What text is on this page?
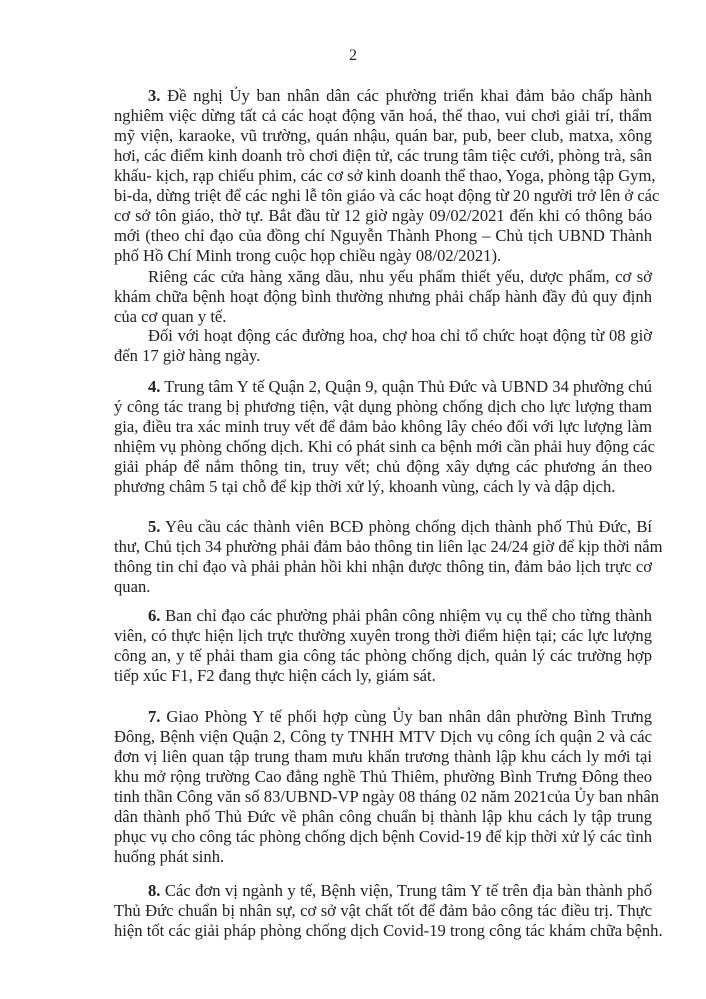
2
3. Đề nghị Ủy ban nhân dân các phường triển khai đảm bảo chấp hành
nghiêm việc dừng tất cả các hoạt động văn hoá, thể thao, vui chơi giải trí, thẩm
mỹ viện, karaoke, vũ trường, quán nhậu, quán bar, pub, beer club, matxa, xông
hơi, các điểm kinh doanh trò chơi điện tử, các trung tâm tiệc cưới, phòng trà, sân
khấu- kịch, rạp chiếu phim, các cơ sở kinh doanh thể thao, Yoga, phòng tập Gym,
bi-da, dừng triệt để các nghi lễ tôn giáo và các hoạt động từ 20 người trở lên ở các
cơ sở tôn giáo, thờ tự. Bắt đầu từ 12 giờ ngày 09/02/2021 đến khi có thông báo
mới (theo chỉ đạo của đồng chí Nguyễn Thành Phong – Chủ tịch UBND Thành
phố Hồ Chí Minh trong cuộc họp chiều ngày 08/02/2021).
Riêng các cửa hàng xăng dầu, nhu yếu phẩm thiết yếu, dược phẩm, cơ sở
khám chữa bệnh hoạt động bình thường nhưng phải chấp hành đầy đủ quy định
của cơ quan y tế.
Đối với hoạt động các đường hoa, chợ hoa chỉ tổ chức hoạt động từ 08 giờ
đến 17 giờ hàng ngày.
4. Trung tâm Y tế Quận 2, Quận 9, quận Thủ Đức và UBND 34 phường chú
ý công tác trang bị phương tiện, vật dụng phòng chống dịch cho lực lượng tham
gia, điều tra xác minh truy vết để đảm bảo không lây chéo đối với lực lượng làm
nhiệm vụ phòng chống dịch. Khi có phát sinh ca bệnh mới cần phải huy động các
giải pháp để nắm thông tin, truy vết; chủ động xây dựng các phương án theo
phương châm 5 tại chỗ để kịp thời xử lý, khoanh vùng, cách ly và dập dịch.
5. Yêu cầu các thành viên BCĐ phòng chống dịch thành phố Thủ Đức, Bí
thư, Chủ tịch 34 phường phải đảm bảo thông tin liên lạc 24/24 giờ để kịp thời nắm
thông tin chỉ đạo và phải phản hồi khi nhận được thông tin, đảm bảo lịch trực cơ
quan.
6. Ban chỉ đạo các phường phải phân công nhiệm vụ cụ thể cho từng thành
viên, có thực hiện lịch trực thường xuyên trong thời điểm hiện tại; các lực lượng
công an, y tế phải tham gia công tác phòng chống dịch, quản lý các trường hợp
tiếp xúc F1, F2 đang thực hiện cách ly, giám sát.
7. Giao Phòng Y tế phối hợp cùng Ủy ban nhân dân phường Bình Trưng
Đông, Bệnh viện Quận 2, Công ty TNHH MTV Dịch vụ công ích quận 2 và các
đơn vị liên quan tập trung tham mưu khẩn trương thành lập khu cách ly mới tại
khu mở rộng trường Cao đẳng nghề Thủ Thiêm, phường Bình Trưng Đông theo
tinh thần Công văn số 83/UBND-VP ngày 08 tháng 02 năm 2021của Ủy ban nhân
dân thành phố Thủ Đức về phân công chuẩn bị thành lập khu cách ly tập trung
phục vụ cho công tác phòng chống dịch bệnh Covid-19 để kịp thời xử lý các tình
huống phát sinh.
8. Các đơn vị ngành y tế, Bệnh viện, Trung tâm Y tế trên địa bàn thành phố
Thủ Đức chuẩn bị nhân sự, cơ sở vật chất tốt để đảm bảo công tác điều trị. Thực
hiện tốt các giải pháp phòng chống dịch Covid-19 trong công tác khám chữa bệnh.
